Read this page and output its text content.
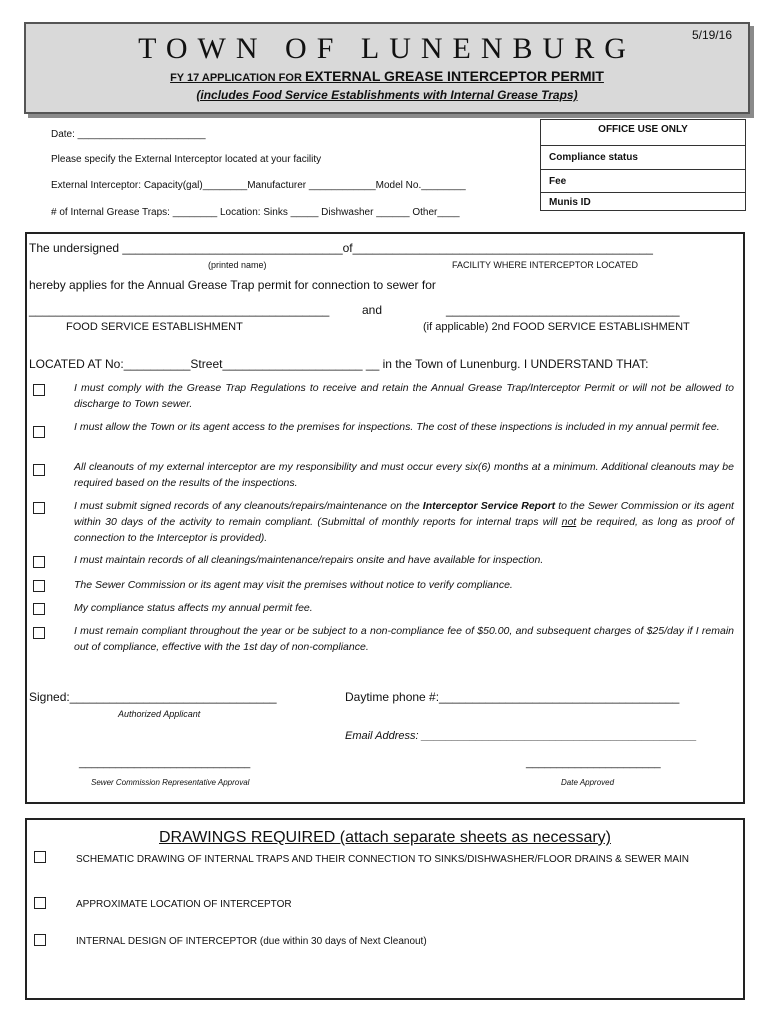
TOWN OF LUNENBURG	5/19/16
FY 17 APPLICATION FOR EXTERNAL GREASE INTERCEPTOR PERMIT
(includes Food Service Establishments with Internal Grease Traps)
Date: _______________________
Please specify the External Interceptor located at your facility
External Interceptor: Capacity(gal)________Manufacturer ____________Model No.________
# of Internal Grease Traps: ________ Location: Sinks _____ Dishwasher ______ Other____
OFFICE USE ONLY
Compliance status
Fee
Munis ID
The undersigned _________________________________of_____________________________________________
(printed name)	FACILITY WHERE INTERCEPTOR LOCATED
hereby applies for the Annual Grease Trap permit for connection to sewer for
_____________________________________________	and	___________________________________
FOOD SERVICE ESTABLISHMENT	(if applicable) 2nd FOOD SERVICE ESTABLISHMENT
LOCATED AT No:__________Street_____________________ __ in the Town of Lunenburg. I UNDERSTAND THAT:
I must comply with the Grease Trap Regulations to receive and retain the Annual Grease Trap/Interceptor Permit or will not be allowed to discharge to Town sewer.
I must allow the Town or its agent access to the premises for inspections. The cost of these inspections is included in my annual permit fee.
All cleanouts of my external interceptor are my responsibility and must occur every six(6) months at a minimum. Additional cleanouts may be required based on the results of the inspections.
I must submit signed records of any cleanouts/repairs/maintenance on the Interceptor Service Report to the Sewer Commission or its agent within 30 days of the activity to remain compliant. (Submittal of monthly reports for internal traps will not be required, as long as proof of connection to the Interceptor is provided).
I must maintain records of all cleanings/maintenance/repairs onsite and have available for inspection.
The Sewer Commission or its agent may visit the premises without notice to verify compliance.
My compliance status affects my annual permit fee.
I must remain compliant throughout the year or be subject to a non-compliance fee of $50.00, and subsequent charges of $25/day if I remain out of compliance, effective with the 1st day of non-compliance.
Signed:_______________________________
Authorized Applicant
Daytime phone #:____________________________________
Email Address: _____________________________________________
____________________________
Sewer Commission Representative Approval
______________________
Date Approved
DRAWINGS REQUIRED (attach separate sheets as necessary)
SCHEMATIC DRAWING OF INTERNAL TRAPS AND THEIR CONNECTION TO SINKS/DISHWASHER/FLOOR DRAINS & SEWER MAIN
APPROXIMATE LOCATION OF INTERCEPTOR
INTERNAL DESIGN OF INTERCEPTOR (due within 30 days of Next Cleanout)
